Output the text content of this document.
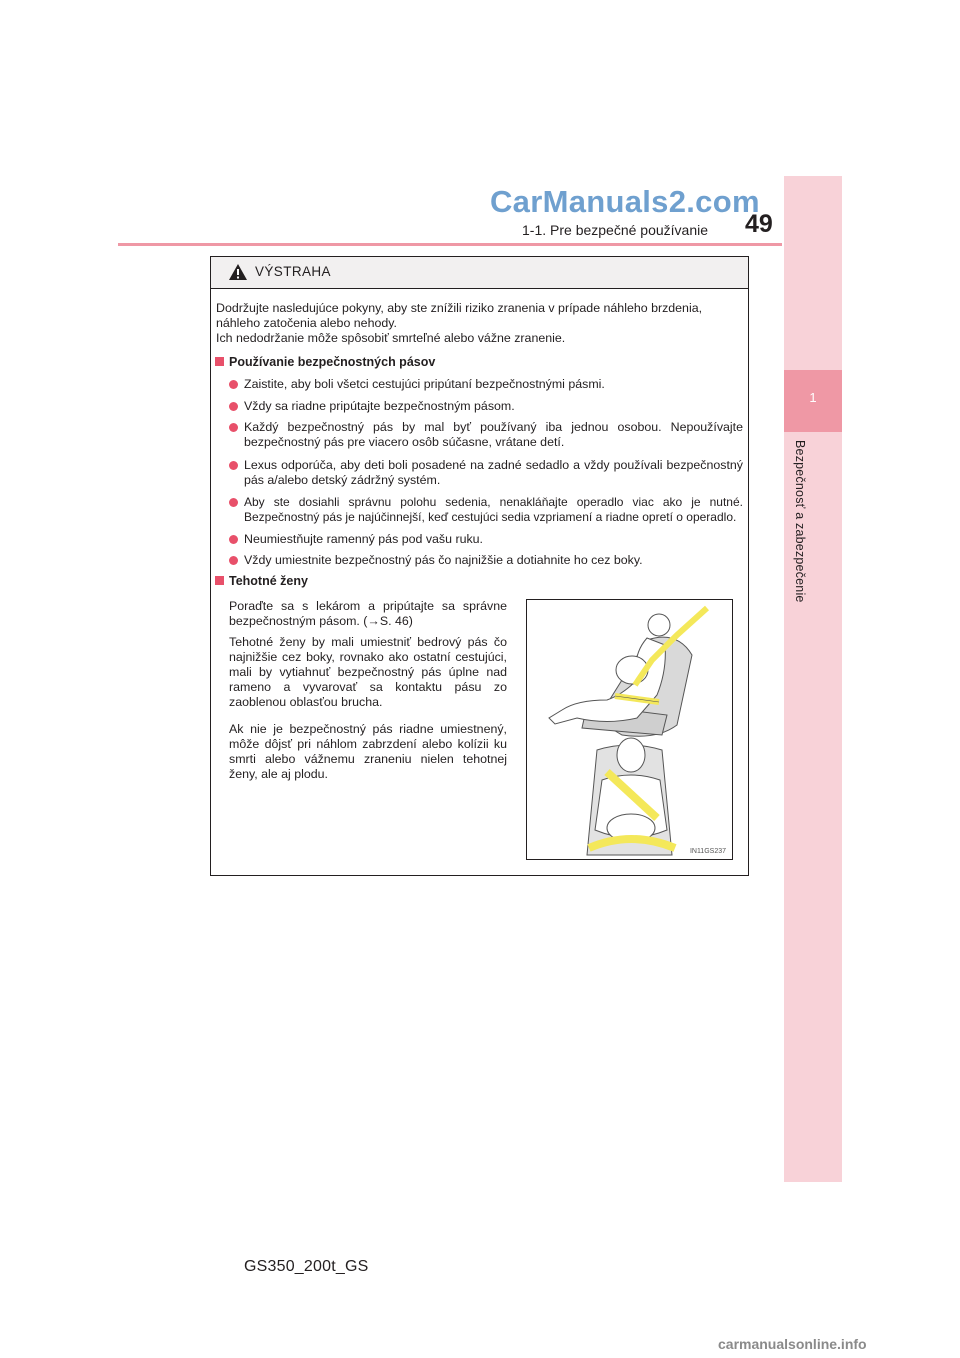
1
Bezpečnosť a zabezpečenie
CarManuals2.com
1-1. Pre bezpečné používanie 49
VÝSTRAHA
Dodržujte nasledujúce pokyny, aby ste znížili riziko zranenia v prípade náhleho brzdenia,
náhleho zatočenia alebo nehody.
Ich nedodržanie môže spôsobiť smrteľné alebo vážne zranenie.
Používanie bezpečnostných pásov
Zaistite, aby boli všetci cestujúci pripútaní bezpečnostnými pásmi.
Vždy sa riadne pripútajte bezpečnostným pásom.
Každý bezpečnostný pás by mal byť používaný iba jednou osobou. Nepoužívajte bezpečnostný pás pre viacero osôb súčasne, vrátane detí.
Lexus odporúča, aby deti boli posadené na zadné sedadlo a vždy používali bezpečnostný pás a/alebo detský zádržný systém.
Aby ste dosiahli správnu polohu sedenia, nenakláňajte operadlo viac ako je nutné. Bezpečnostný pás je najúčinnejší, keď cestujúci sedia vzpriamení a riadne opretí o operadlo.
Neumiestňujte ramenný pás pod vašu ruku.
Vždy umiestnite bezpečnostný pás čo najnižšie a dotiahnite ho cez boky.
Tehotné ženy
Poraďte sa s lekárom a pripútajte sa správne bezpečnostným pásom. (→S. 46)
Tehotné ženy by mali umiestniť bedrový pás čo najnižšie cez boky, rovnako ako ostatní cestujúci, mali by vytiahnuť bezpečnostný pás úplne nad rameno a vyvarovať sa kontaktu pásu zo zaoblenou oblasťou brucha.
Ak nie je bezpečnostný pás riadne umiestnený, môže dôjsť pri náhlom zabrzdení alebo kolízii ku smrti alebo vážnemu zraneniu nielen tehotnej ženy, ale aj plodu.
IN11GS237
GS350_200t_GS
carmanualsonline.info
